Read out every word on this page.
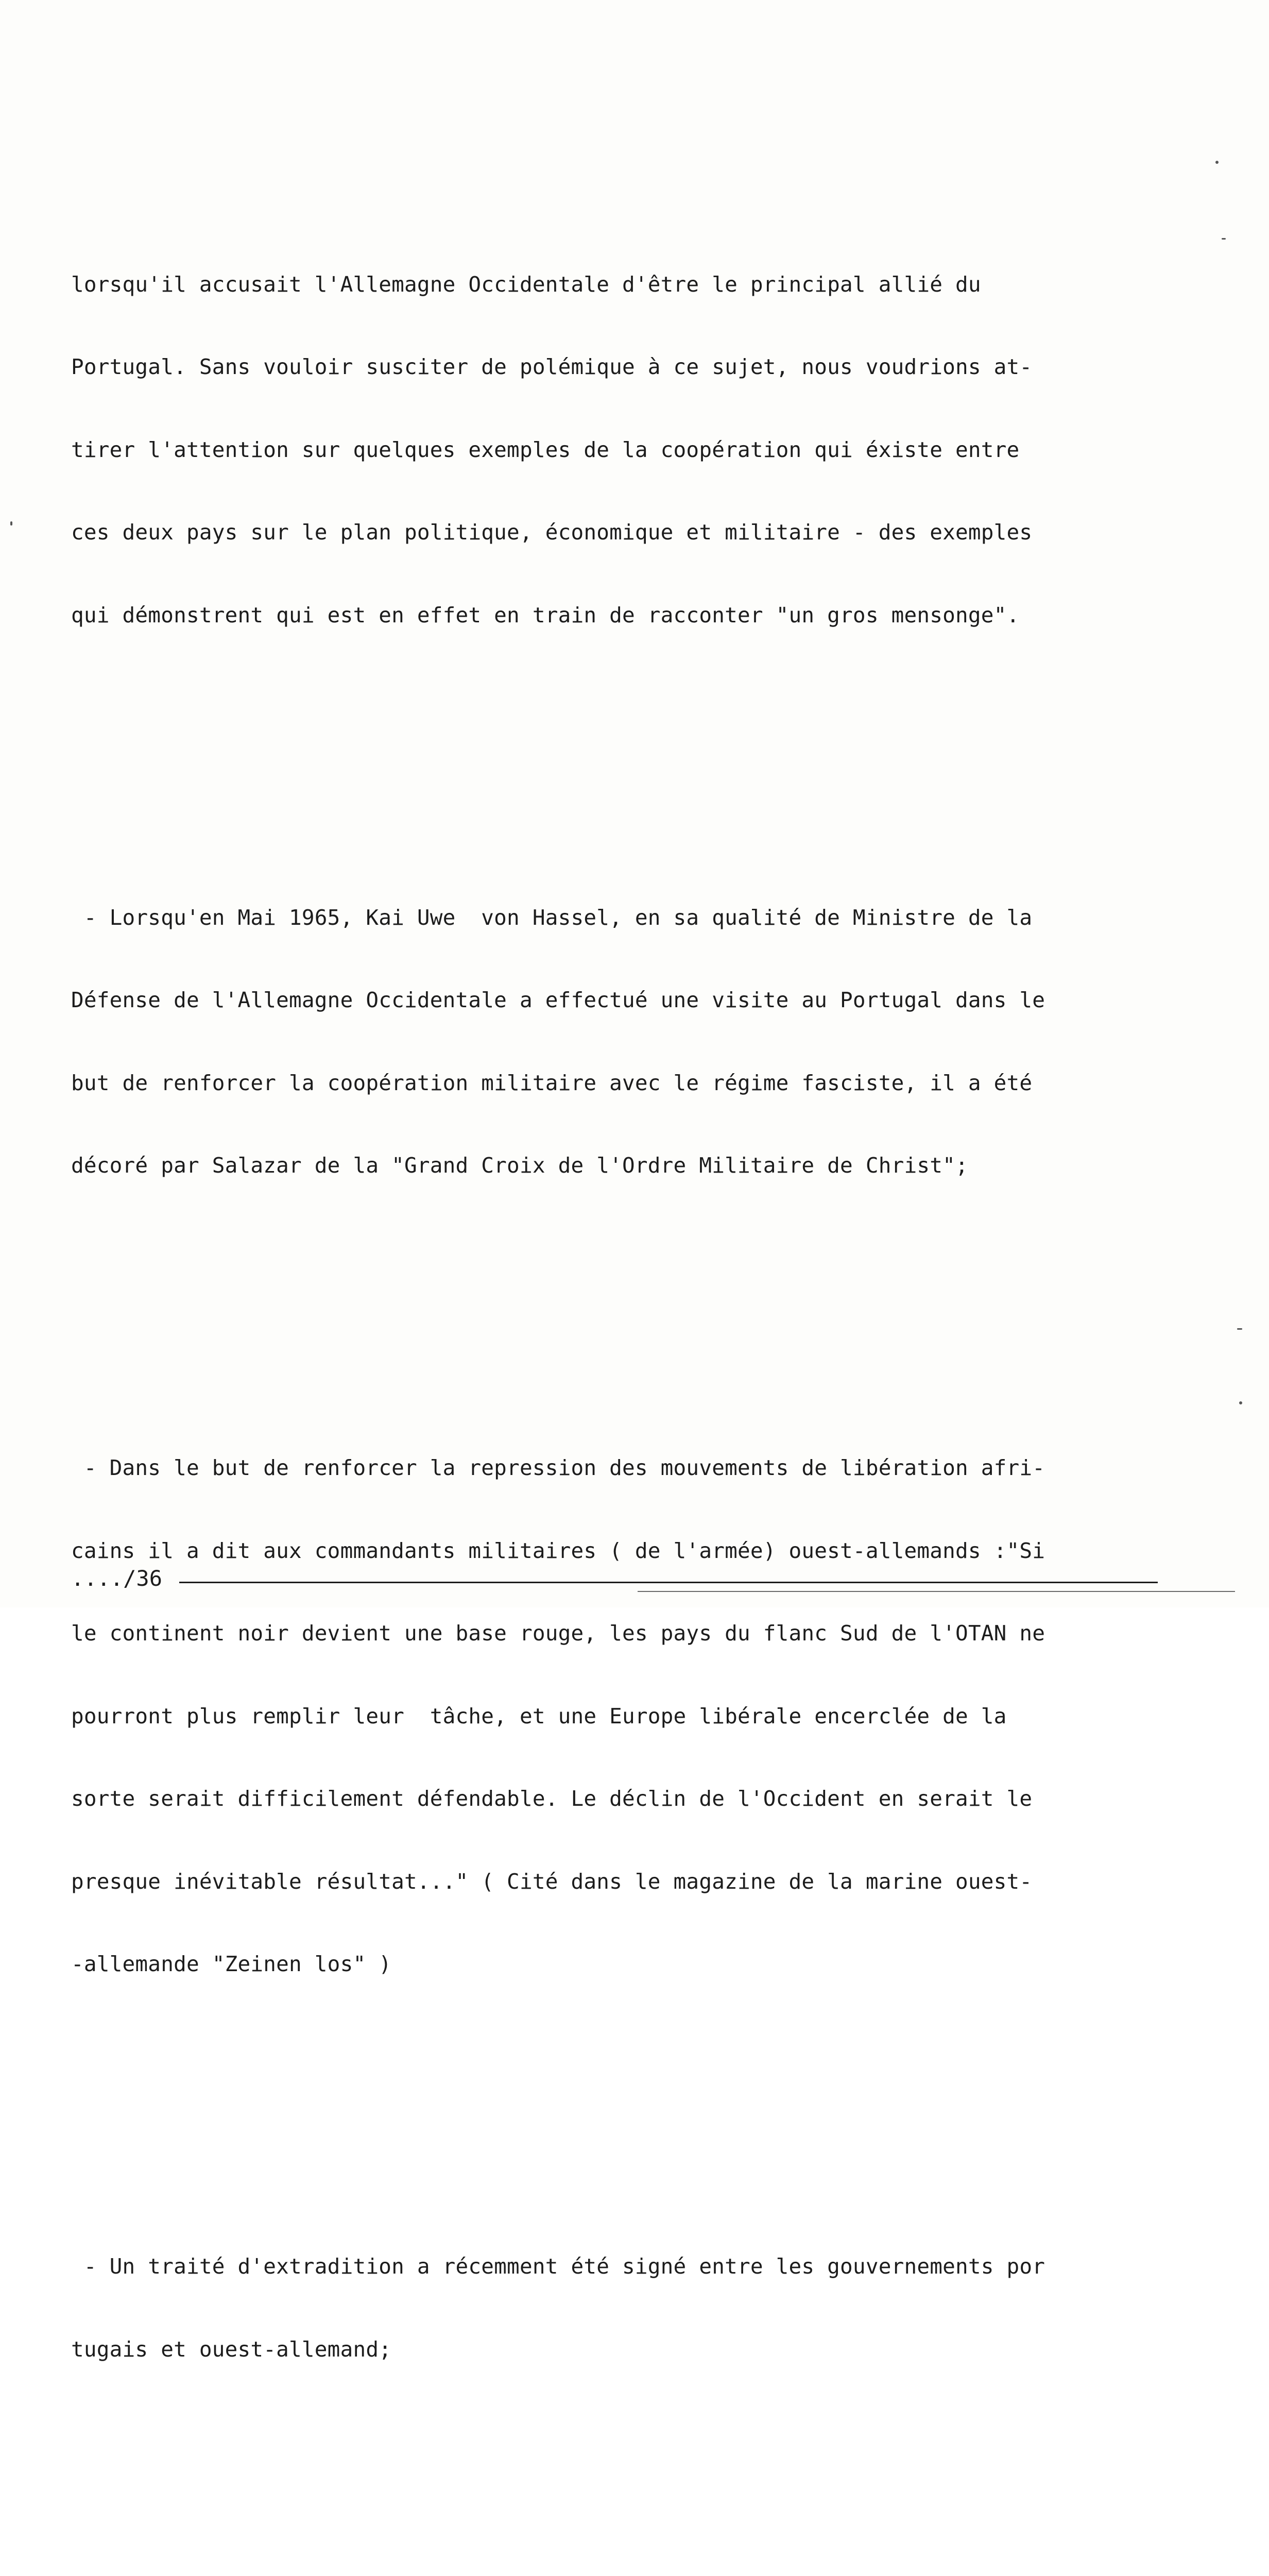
lorsqu'il accusait l'Allemagne Occidentale d'être le principal allié du

Portugal. Sans vouloir susciter de polémique à ce sujet, nous voudrions at-

tirer l'attention sur quelques exemples de la coopération qui éxiste entre

ces deux pays sur le plan politique, économique et militaire - des exemples

qui démonstrent qui est en effet en train de racconter "un gros mensonge".

- Lorsqu'en Mai 1965, Kai Uwe  von Hassel, en sa qualité de Ministre de la

Défense de l'Allemagne Occidentale a effectué une visite au Portugal dans le

but de renforcer la coopération militaire avec le régime fasciste, il a été

décoré par Salazar de la "Grand Croix de l'Ordre Militaire de Christ";

- Dans le but de renforcer la repression des mouvements de libération afri-

cains il a dit aux commandants militaires ( de l'armée) ouest-allemands :"Si

le continent noir devient une base rouge, les pays du flanc Sud de l'OTAN ne

pourront plus remplir leur  tâche, et une Europe libérale encerclée de la

sorte serait difficilement défendable. Le déclin de l'Occident en serait le

presque inévitable résultat..." ( Cité dans le magazine de la marine ouest-

-allemande "Zeinen los" )

- Un traité d'extradition a récemment été signé entre les gouvernements por

tugais et ouest-allemand;

..../36
